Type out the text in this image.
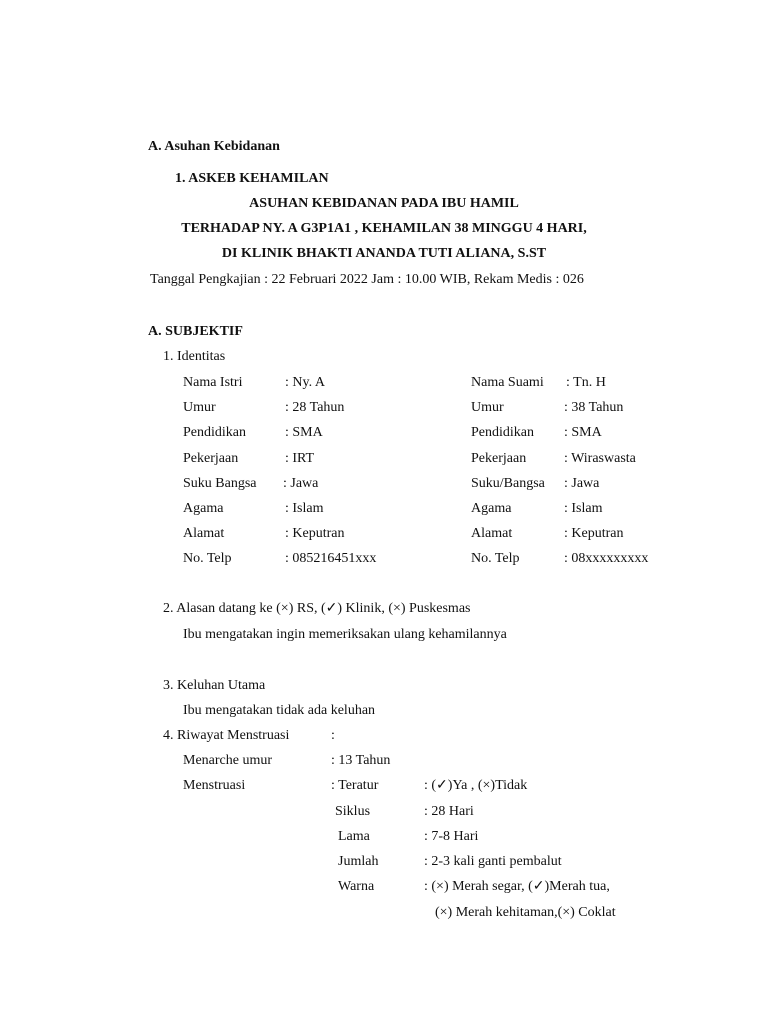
A. Asuhan Kebidanan
1. ASKEB KEHAMILAN
ASUHAN KEBIDANAN PADA IBU HAMIL
TERHADAP NY. A G3P1A1 , KEHAMILAN 38 MINGGU 4 HARI,
DI KLINIK BHAKTI ANANDA TUTI ALIANA, S.ST
Tanggal Pengkajian : 22 Februari 2022 Jam : 10.00 WIB, Rekam Medis : 026
A. SUBJEKTIF
1. Identitas
Nama Istri	: Ny. A
Umur	: 28 Tahun
Pendidikan	: SMA
Pekerjaan	: IRT
Suku Bangsa : Jawa
Agama	: Islam
Alamat	: Keputran
No. Telp	: 085216451xxx
Nama Suami : Tn. H
Umur	: 38 Tahun
Pendidikan : SMA
Pekerjaan	: Wiraswasta
Suku/Bangsa : Jawa
Agama	: Islam
Alamat	: Keputran
No. Telp	: 08xxxxxxxxx
2. Alasan datang ke (×) RS, (✓) Klinik, (×) Puskesmas
Ibu mengatakan ingin memeriksakan ulang kehamilannya
3. Keluhan Utama
Ibu mengatakan tidak ada keluhan
4. Riwayat Menstruasi	:
Menarche umur	: 13 Tahun
Menstruasi	: Teratur	: (✓)Ya , (×)Tidak
Siklus	: 28 Hari
Lama	: 7-8 Hari
Jumlah	: 2-3 kali ganti pembalut
Warna	: (×) Merah segar, (✓)Merah tua,
(×) Merah kehitaman,(×) Coklat
